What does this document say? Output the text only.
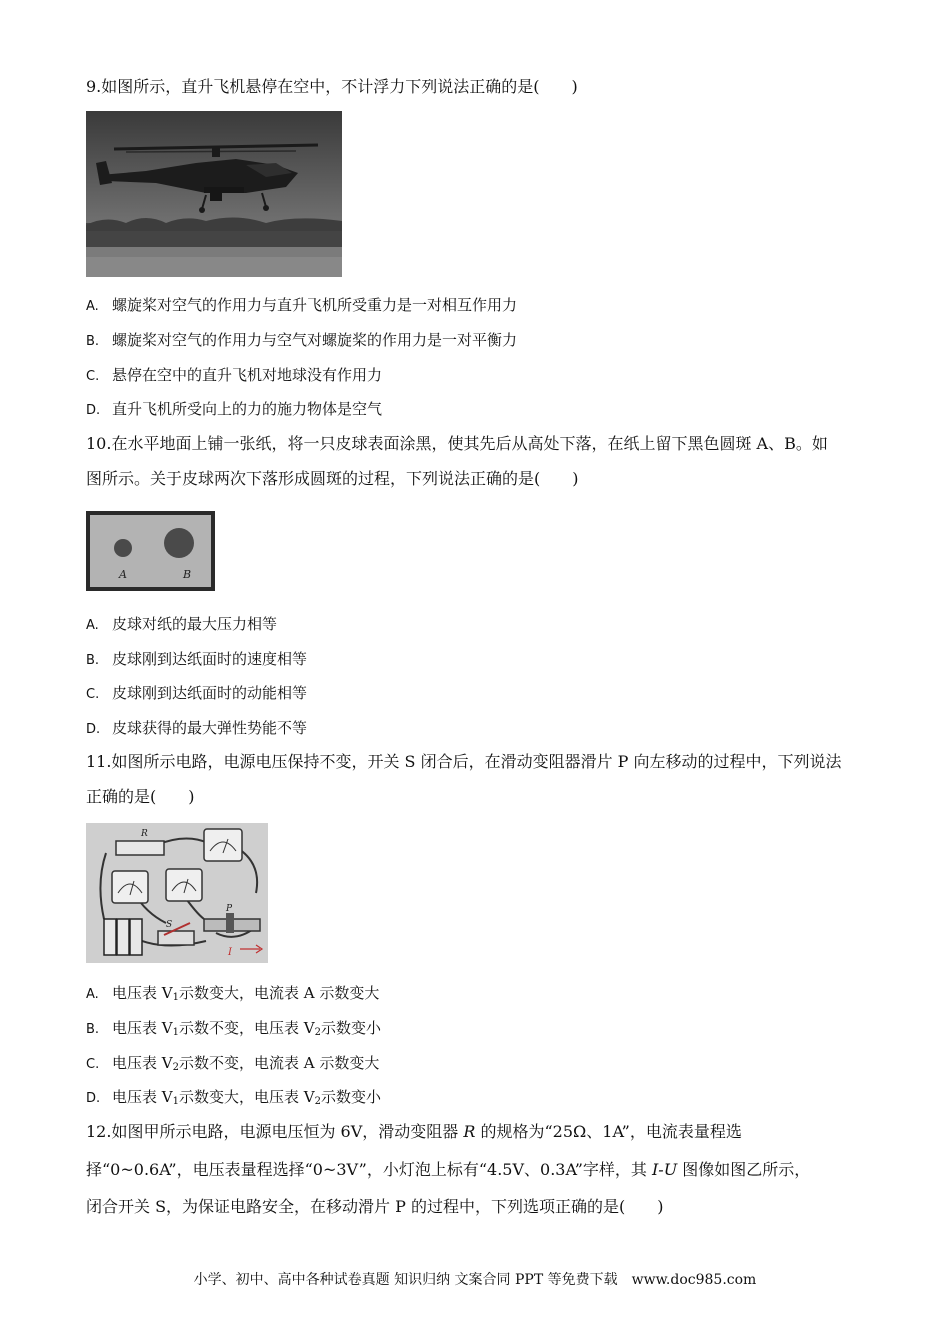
9.如图所示，直升飞机悬停在空中，不计浮力下列说法正确的是(　　)
A. 螺旋桨对空气的作用力与直升飞机所受重力是一对相互作用力
B. 螺旋桨对空气的作用力与空气对螺旋桨的作用力是一对平衡力
C. 悬停在空中的直升飞机对地球没有作用力
D. 直升飞机所受向上的力的施力物体是空气
10.在水平地面上铺一张纸，将一只皮球表面涂黑，使其先后从高处下落，在纸上留下黑色圆斑 A、B。如
图所示。关于皮球两次下落形成圆斑的过程，下列说法正确的是(　　)
A	B
A. 皮球对纸的最大压力相等
B. 皮球刚到达纸面时的速度相等
C. 皮球刚到达纸面时的动能相等
D. 皮球获得的最大弹性势能不等
11.如图所示电路，电源电压保持不变，开关 S 闭合后，在滑动变阻器滑片 P 向左移动的过程中，下列说法
正确的是(　　)
R
S
P
I
A. 电压表 $V_1$示数变大，电流表 A 示数变大
B. 电压表 $V_1$示数不变，电压表 $V_2$示数变小
C. 电压表 $V_2$示数不变，电流表 A 示数变大
D. 电压表 $V_1$示数变大，电压表 $V_2$示数变小
12.如图甲所示电路，电源电压恒为 6V，滑动变阻器 R 的规格为“25Ω、1A”，电流表量程选
择“0~0.6A”，电压表量程选择“0~3V”，小灯泡上标有“4.5V、0.3A”字样，其 I-U 图像如图乙所示，
闭合开关 S，为保证电路安全，在移动滑片 P 的过程中，下列选项正确的是(　　)
小学、初中、高中各种试卷真题 知识归纳 文案合同 PPT 等免费下载　www.doc985.com
